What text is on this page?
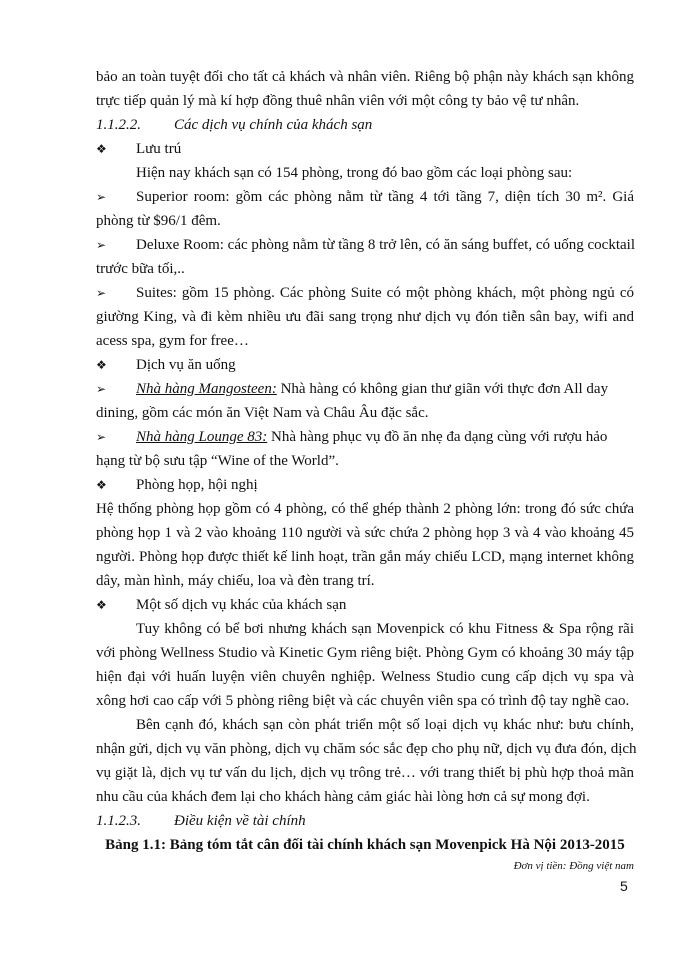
bảo an toàn tuyệt đối cho tất cả khách và nhân viên. Riêng bộ phận này khách sạn không
trực tiếp quản lý mà kí hợp đồng thuê nhân viên với một công ty bảo vệ tư nhân.
1.1.2.2. Các dịch vụ chính của khách sạn
❖ Lưu trú
Hiện nay khách sạn có 154 phòng, trong đó bao gồm các loại phòng sau:
➢ Superior room: gồm các phòng nằm từ tầng 4 tới tầng 7, diện tích 30 m². Giá
phòng từ $96/1 đêm.
➢ Deluxe Room: các phòng nằm từ tầng 8 trở lên, có ăn sáng buffet, có uống cocktail
trước bữa tối,..
➢ Suites: gồm 15 phòng. Các phòng Suite có một phòng khách, một phòng ngủ có
giường King, và đi kèm nhiều ưu đãi sang trọng như dịch vụ đón tiễn sân bay, wifi and
acess spa, gym for free…
❖ Dịch vụ ăn uống
➢ Nhà hàng Mangosteen: Nhà hàng có không gian thư giãn với thực đơn All day
dining, gồm các món ăn Việt Nam và Châu Âu đặc sắc.
➢ Nhà hàng Lounge 83: Nhà hàng phục vụ đồ ăn nhẹ đa dạng cùng với rượu hảo
hạng từ bộ sưu tập “Wine of the World”.
❖ Phòng họp, hội nghị
Hệ thống phòng họp gồm có 4 phòng, có thể ghép thành 2 phòng lớn: trong đó sức chứa
phòng họp 1 và 2 vào khoảng 110 người và sức chứa 2 phòng họp 3 và 4 vào khoảng 45
người. Phòng họp được thiết kế linh hoạt, trần gắn máy chiếu LCD, mạng internet không
dây, màn hình, máy chiếu, loa và đèn trang trí.
❖ Một số dịch vụ khác của khách sạn
Tuy không có bể bơi nhưng khách sạn Movenpick có khu Fitness & Spa rộng rãi
với phòng Wellness Studio và Kinetic Gym riêng biệt. Phòng Gym có khoảng 30 máy tập
hiện đại với huấn luyện viên chuyên nghiệp. Welness Studio cung cấp dịch vụ spa và
xông hơi cao cấp với 5 phòng riêng biệt và các chuyên viên spa có trình độ tay nghề cao.
Bên cạnh đó, khách sạn còn phát triển một số loại dịch vụ khác như: bưu chính,
nhận gửi, dịch vụ văn phòng, dịch vụ chăm sóc sắc đẹp cho phụ nữ, dịch vụ đưa đón, dịch
vụ giặt là, dịch vụ tư vấn du lịch, dịch vụ trông trẻ… với trang thiết bị phù hợp thoả mãn
nhu cầu của khách đem lại cho khách hàng cảm giác hài lòng hơn cả sự mong đợi.
1.1.2.3. Điều kiện về tài chính
Bảng 1.1: Bảng tóm tắt cân đối tài chính khách sạn Movenpick Hà Nội 2013-2015
Đơn vị tiền: Đồng việt nam
5
